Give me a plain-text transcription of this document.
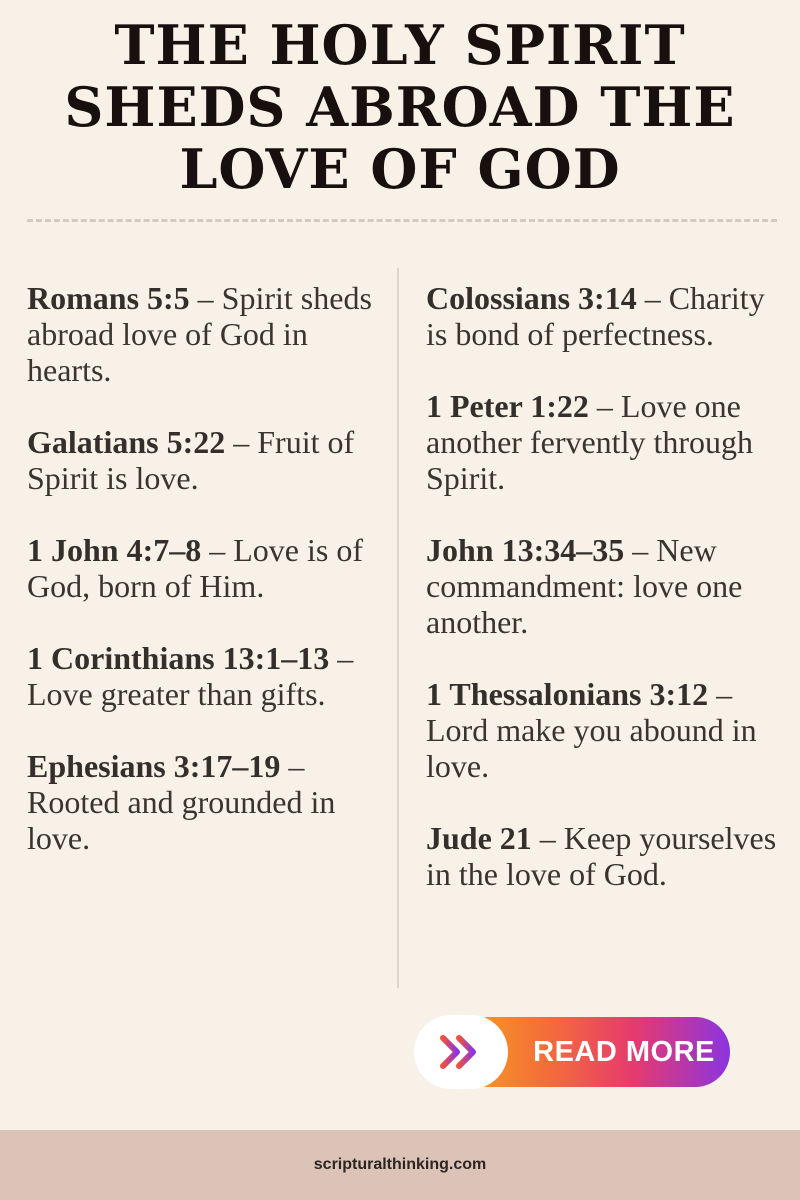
THE HOLY SPIRIT
SHEDS ABROAD THE
LOVE OF GOD

Romans 5:5 – Spirit sheds abroad love of God in hearts.

Galatians 5:22 – Fruit of Spirit is love.

1 John 4:7–8 – Love is of God, born of Him.

1 Corinthians 13:1–13 – Love greater than gifts.

Ephesians 3:17–19 – Rooted and grounded in love.

Colossians 3:14 – Charity is bond of perfectness.

1 Peter 1:22 – Love one another fervently through Spirit.

John 13:34–35 – New commandment: love one another.

1 Thessalonians 3:12 – Lord make you abound in love.

Jude 21 – Keep yourselves in the love of God.

READ MORE
scripturalthinking.com
